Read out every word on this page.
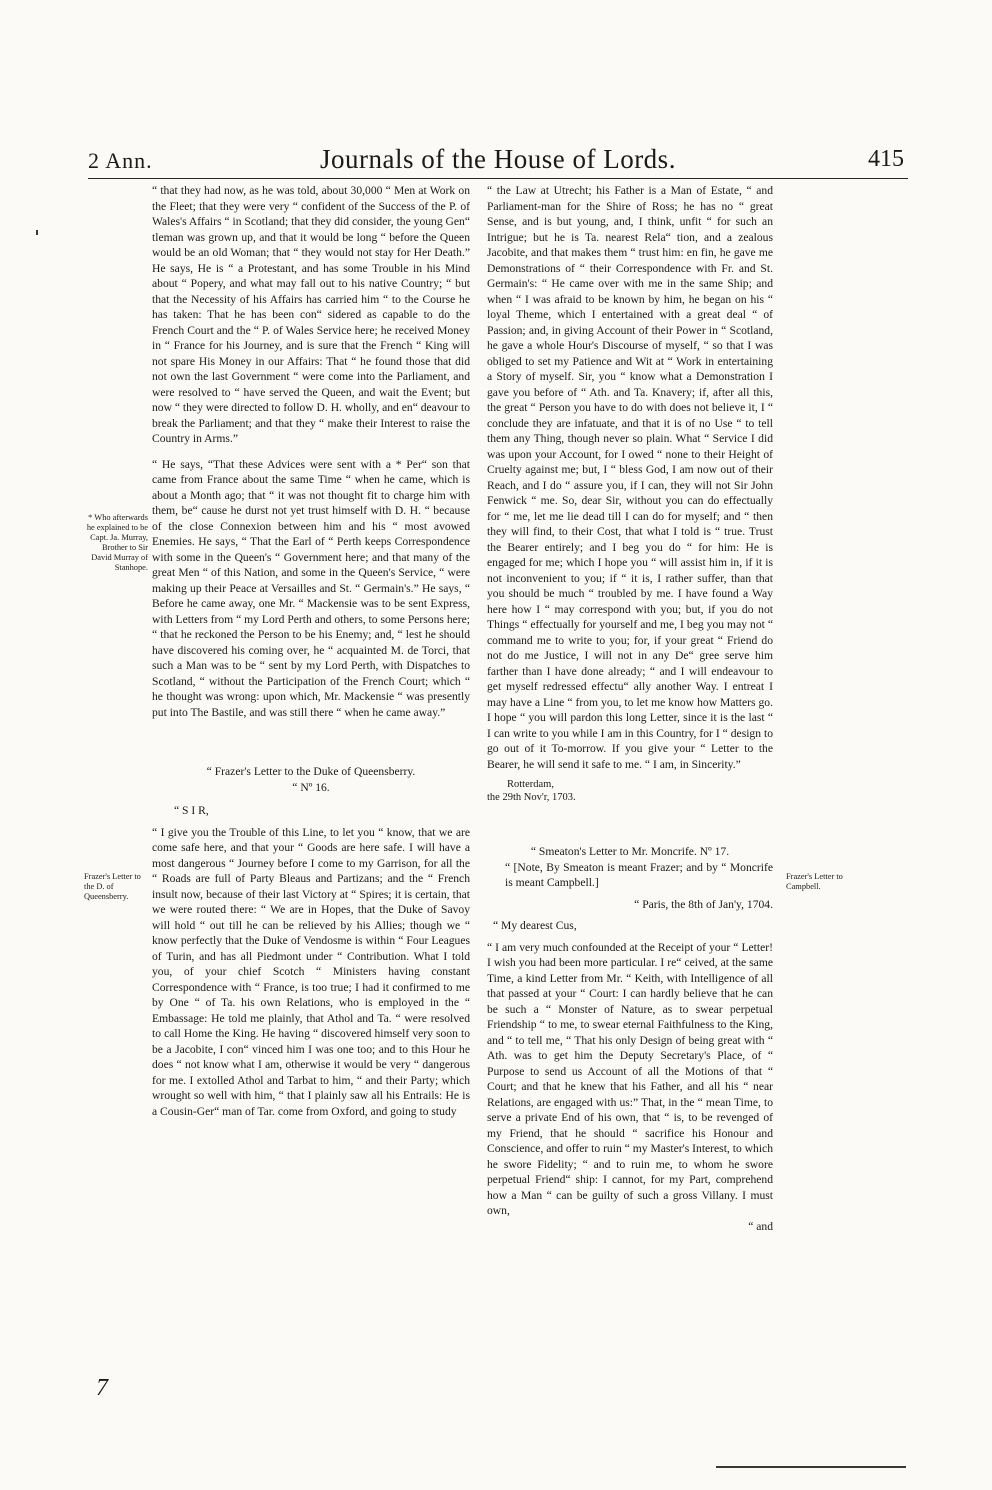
2 Ann.	Journals of the House of Lords.	415
* Who afterwards he explained to be Capt. Ja. Murray, Brother to Sir David Murray of Stanhope.
Frazer's Letter to the D. of Queensberry.
Frazer's Letter to Campbell.

“ that they had now, as he was told, about 30,000 “ Men at Work on the Fleet; that they were very “ confident of the Success of the P. of Wales's Affairs “ in Scotland; that they did consider, the young Gen“ tleman was grown up, and that it would be long “ before the Queen would be an old Woman; that “ they would not stay for Her Death.” He says, He is “ a Protestant, and has some Trouble in his Mind about “ Popery, and what may fall out to his native Country; “ but that the Necessity of his Affairs has carried him “ to the Course he has taken: That he has been con“ sidered as capable to do the French Court and the “ P. of Wales Service here; he received Money in “ France for his Journey, and is sure that the French “ King will not spare His Money in our Affairs: That “ he found those that did not own the last Government “ were come into the Parliament, and were resolved to “ have served the Queen, and wait the Event; but now “ they were directed to follow D. H. wholly, and en“ deavour to break the Parliament; and that they “ make their Interest to raise the Country in Arms.”

“ He says, “That these Advices were sent with a * Per“ son that came from France about the same Time “ when he came, which is about a Month ago; that “ it was not thought fit to charge him with them, be“ cause he durst not yet trust himself with D. H. “ because of the close Connexion between him and his “ most avowed Enemies. He says, “ That the Earl of “ Perth keeps Correspondence with some in the Queen's “ Government here; and that many of the great Men “ of this Nation, and some in the Queen's Service, “ were making up their Peace at Versailles and St. “ Germain's.” He says, “ Before he came away, one Mr. “ Mackensie was to be sent Express, with Letters from “ my Lord Perth and others, to some Persons here; “ that he reckoned the Person to be his Enemy; and, “ lest he should have discovered his coming over, he “ acquainted M. de Torci, that such a Man was to be “ sent by my Lord Perth, with Dispatches to Scotland, “ without the Participation of the French Court; which “ he thought was wrong: upon which, Mr. Mackensie “ was presently put into The Bastile, and was still there “ when he came away.”

“ Frazer's Letter to the Duke of Queensberry.

“ Nº 16.

“ S I R,

“ I give you the Trouble of this Line, to let you “ know, that we are come safe here, and that your “ Goods are here safe. I will have a most dangerous “ Journey before I come to my Garrison, for all the “ Roads are full of Party Bleaus and Partizans; and the “ French insult now, because of their last Victory at “ Spires; it is certain, that we were routed there: “ We are in Hopes, that the Duke of Savoy will hold “ out till he can be relieved by his Allies; though we “ know perfectly that the Duke of Vendosme is within “ Four Leagues of Turin, and has all Piedmont under “ Contribution. What I told you, of your chief Scotch “ Ministers having constant Correspondence with “ France, is too true; I had it confirmed to me by One “ of Ta. his own Relations, who is employed in the “ Embassage: He told me plainly, that Athol and Ta. “ were resolved to call Home the King. He having “ discovered himself very soon to be a Jacobite, I con“ vinced him I was one too; and to this Hour he does “ not know what I am, otherwise it would be very “ dangerous for me. I extolled Athol and Tarbat to him, “ and their Party; which wrought so well with him, “ that I plainly saw all his Entrails: He is a Cousin-Ger“ man of Tar. come from Oxford, and going to study

“ the Law at Utrecht; his Father is a Man of Estate, “ and Parliament-man for the Shire of Ross; he has no “ great Sense, and is but young, and, I think, unfit “ for such an Intrigue; but he is Ta. nearest Rela“ tion, and a zealous Jacobite, and that makes them “ trust him: en fin, he gave me Demonstrations of “ their Correspondence with Fr. and St. Germain's: “ He came over with me in the same Ship; and when “ I was afraid to be known by him, he began on his “ loyal Theme, which I entertained with a great deal “ of Passion; and, in giving Account of their Power in “ Scotland, he gave a whole Hour's Discourse of myself, “ so that I was obliged to set my Patience and Wit at “ Work in entertaining a Story of myself. Sir, you “ know what a Demonstration I gave you before of “ Ath. and Ta. Knavery; if, after all this, the great “ Person you have to do with does not believe it, I “ conclude they are infatuate, and that it is of no Use “ to tell them any Thing, though never so plain. What “ Service I did was upon your Account, for I owed “ none to their Height of Cruelty against me; but, I “ bless God, I am now out of their Reach, and I do “ assure you, if I can, they will not Sir John Fenwick “ me. So, dear Sir, without you can do effectually for “ me, let me lie dead till I can do for myself; and “ then they will find, to their Cost, that what I told is “ true. Trust the Bearer entirely; and I beg you do “ for him: He is engaged for me; which I hope you “ will assist him in, if it is not inconvenient to you; if “ it is, I rather suffer, than that you should be much “ troubled by me. I have found a Way here how I “ may correspond with you; but, if you do not Things “ effectually for yourself and me, I beg you may not “ command me to write to you; for, if your great “ Friend do not do me Justice, I will not in any De“ gree serve him farther than I have done already; “ and I will endeavour to get myself redressed effectu“ ally another Way. I entreat I may have a Line “ from you, to let me know how Matters go. I hope “ you will pardon this long Letter, since it is the last “ I can write to you while I am in this Country, for I “ design to go out of it To-morrow. If you give your “ Letter to the Bearer, he will send it safe to me. “ I am, in Sincerity.”

Rotterdam,

the 29th Nov'r, 1703.

“ Smeaton's Letter to Mr. Moncrife. Nº 17.

“ [Note, By Smeaton is meant Frazer; and by “ Moncrife is meant Campbell.]

“ Paris, the 8th of Jan'y, 1704.

“ My dearest Cus,

“ I am very much confounded at the Receipt of your “ Letter! I wish you had been more particular. I re“ ceived, at the same Time, a kind Letter from Mr. “ Keith, with Intelligence of all that passed at your “ Court: I can hardly believe that he can be such a “ Monster of Nature, as to swear perpetual Friendship “ to me, to swear eternal Faithfulness to the King, and “ to tell me, “ That his only Design of being great with “ Ath. was to get him the Deputy Secretary's Place, of “ Purpose to send us Account of all the Motions of that “ Court; and that he knew that his Father, and all his “ near Relations, are engaged with us:” That, in the “ mean Time, to serve a private End of his own, that “ is, to be revenged of my Friend, that he should “ sacrifice his Honour and Conscience, and offer to ruin “ my Master's Interest, to which he swore Fidelity; “ and to ruin me, to whom he swore perpetual Friend“ ship: I cannot, for my Part, comprehend how a Man “ can be guilty of such a gross Villany. I must own,

“ and

7
